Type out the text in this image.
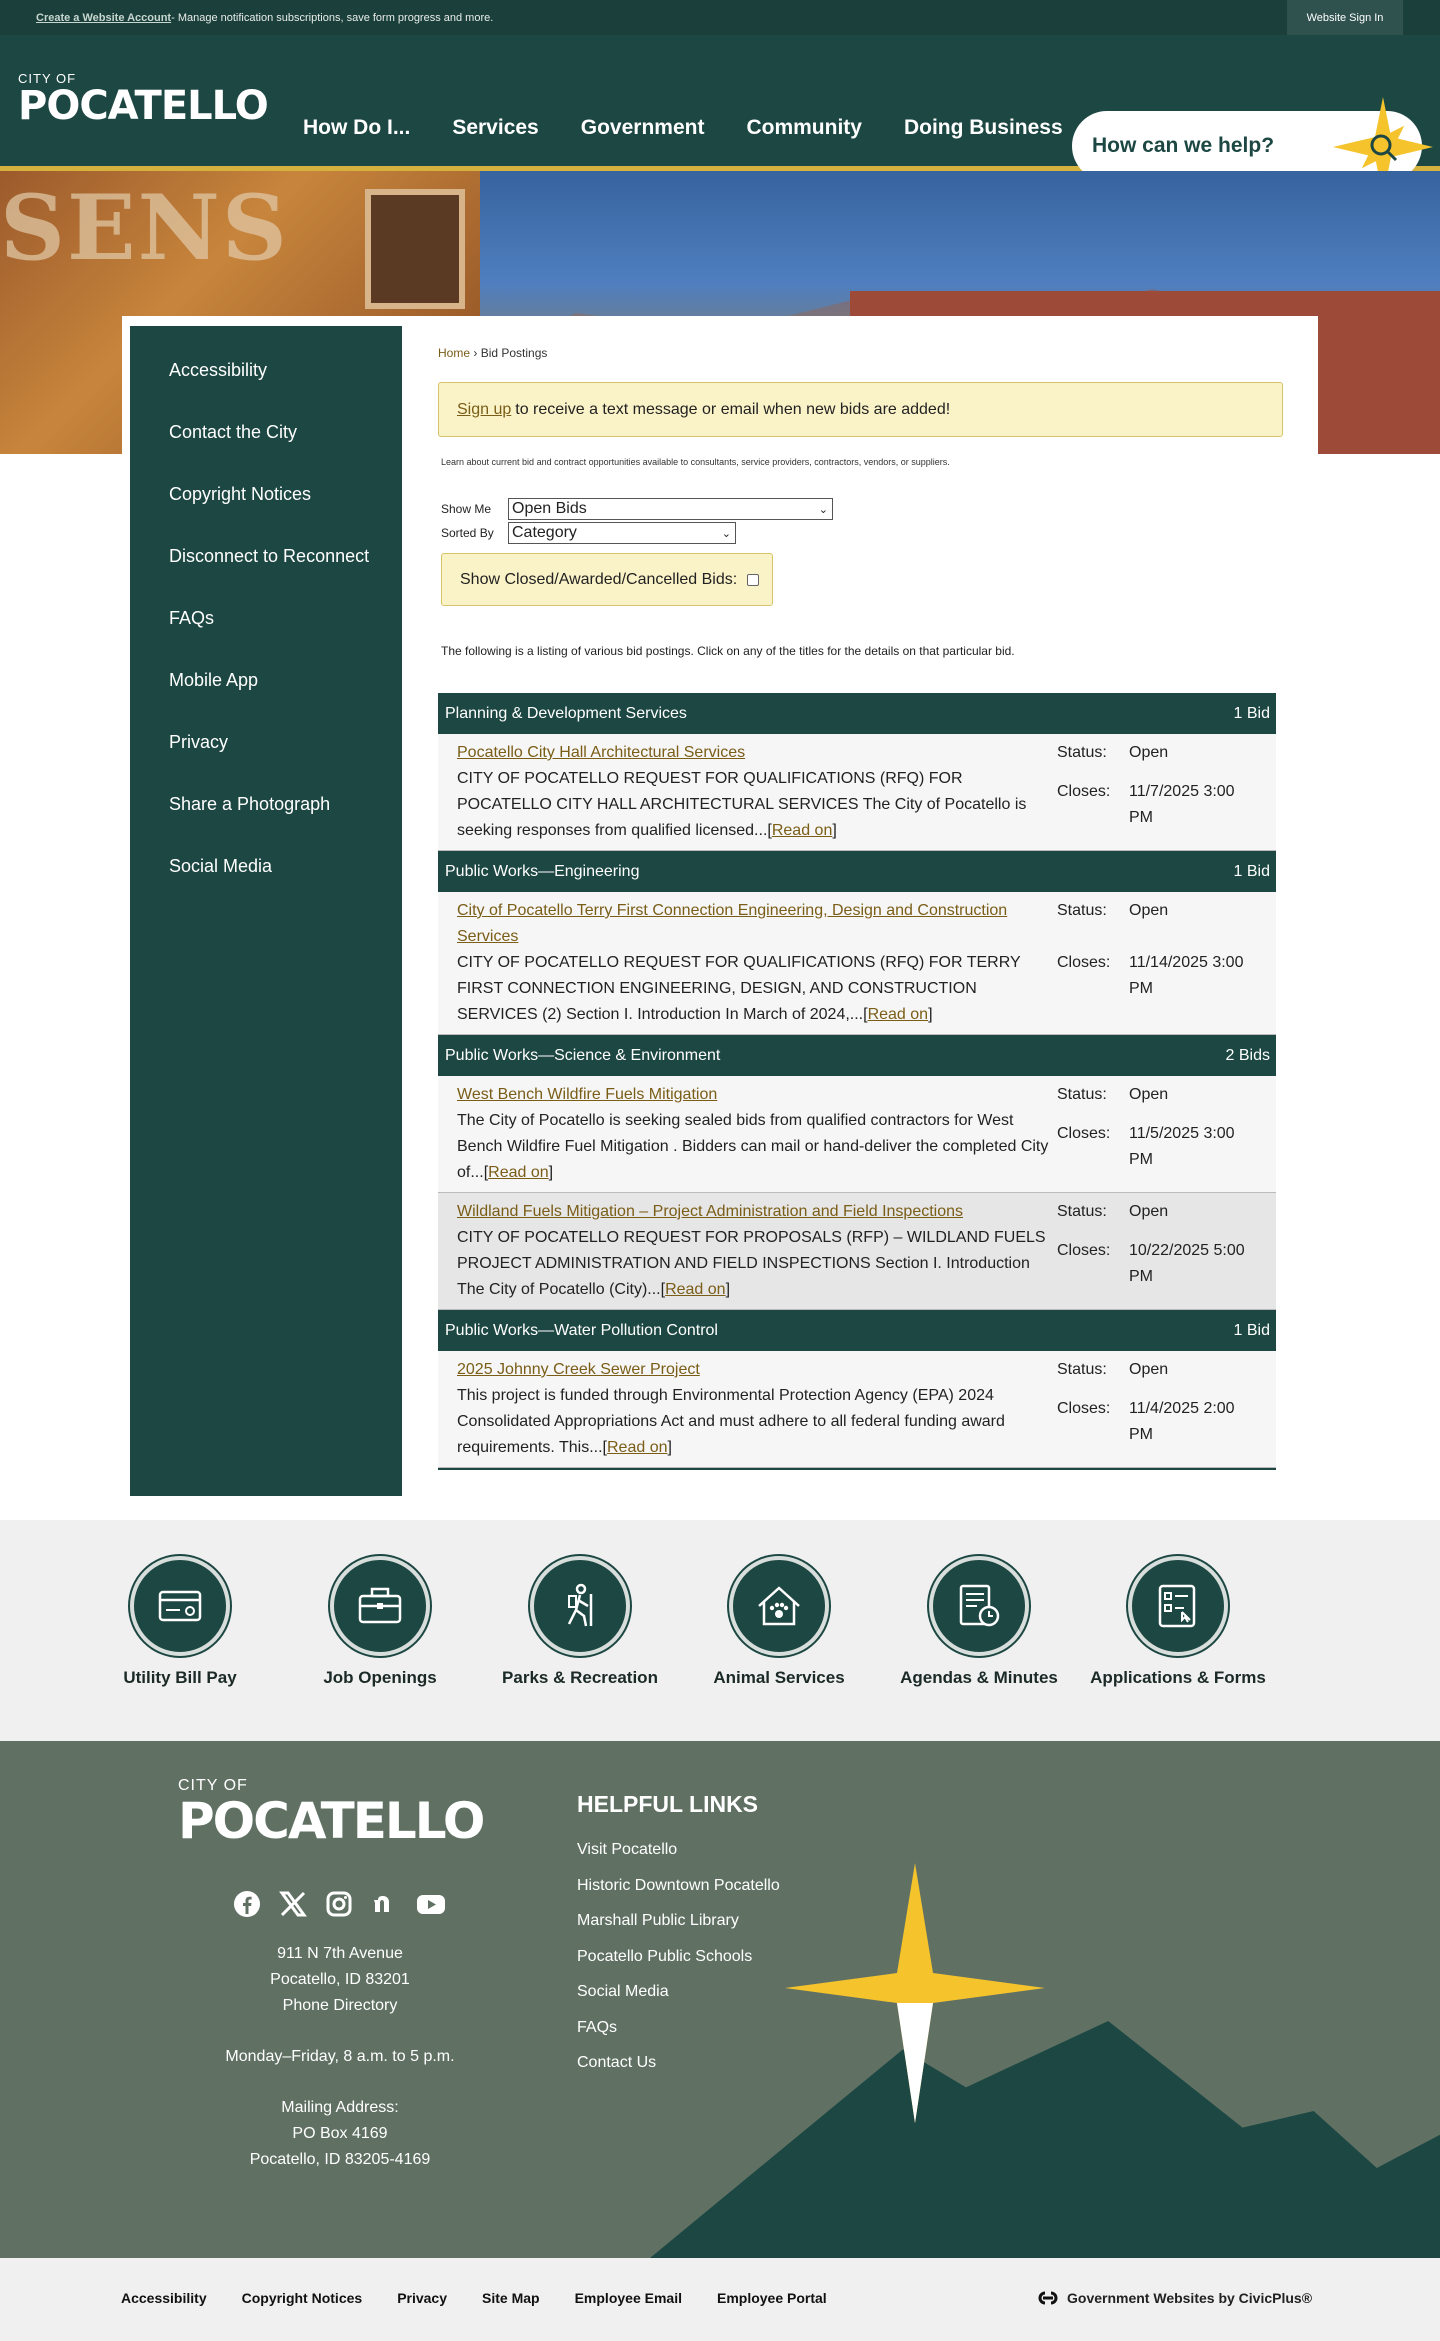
Create a Website Account - Manage notification subscriptions, save form progress and more.	Website Sign In
CITY OF
POCATELLO How Do I... Services Government Community Doing Business
How can we help?
SENS
Accessibility
Contact the City
Copyright Notices
Disconnect to Reconnect
FAQs
Mobile App
Privacy
Share a Photograph
Social Media
Home › Bid Postings
Sign up to receive a text message or email when new bids are added!
Learn about current bid and contract opportunities available to consultants, service providers, contractors, vendors, or suppliers.
Show Me	Open Bids	⌄
Sorted By	Category	⌄
Show Closed/Awarded/Cancelled Bids:
The following is a listing of various bid postings. Click on any of the titles for the details on that particular bid.
Planning & Development Services	1 Bid
Pocatello City Hall Architectural Services
CITY OF POCATELLO REQUEST FOR QUALIFICATIONS (RFQ) FOR POCATELLO CITY HALL ARCHITECTURAL SERVICES The City of Pocatello is seeking responses from qualified licensed...[Read on]
Status:	Open
Closes:	11/7/2025 3:00 PM
Public Works—Engineering	1 Bid
City of Pocatello Terry First Connection Engineering, Design and Construction Services
CITY OF POCATELLO REQUEST FOR QUALIFICATIONS (RFQ) FOR TERRY FIRST CONNECTION ENGINEERING, DESIGN, AND CONSTRUCTION SERVICES (2) Section I. Introduction In March of 2024,...[Read on]
Status:	Open
Closes:	11/14/2025 3:00 PM
Public Works—Science & Environment	2 Bids
West Bench Wildfire Fuels Mitigation
The City of Pocatello is seeking sealed bids from qualified contractors for West Bench Wildfire Fuel Mitigation . Bidders can mail or hand-deliver the completed City of...[Read on]
Status:	Open
Closes:	11/5/2025 3:00 PM
Wildland Fuels Mitigation – Project Administration and Field Inspections
CITY OF POCATELLO REQUEST FOR PROPOSALS (RFP) – WILDLAND FUELS PROJECT ADMINISTRATION AND FIELD INSPECTIONS Section I. Introduction The City of Pocatello (City)...[Read on]
Status:	Open
Closes:	10/22/2025 5:00 PM
Public Works—Water Pollution Control	1 Bid
2025 Johnny Creek Sewer Project
This project is funded through Environmental Protection Agency (EPA) 2024 Consolidated Appropriations Act and must adhere to all federal funding award requirements. This...[Read on]
Status:	Open
Closes:	11/4/2025 2:00 PM
Utility Bill Pay	Job Openings	Parks & Recreation	Animal Services	Agendas & Minutes	Applications & Forms
CITY OF
POCATELLO
911 N 7th Avenue
Pocatello, ID 83201
Phone Directory
Monday–Friday, 8 a.m. to 5 p.m.
Mailing Address:
PO Box 4169
Pocatello, ID 83205-4169
HELPFUL LINKS
Visit Pocatello
Historic Downtown Pocatello
Marshall Public Library
Pocatello Public Schools
Social Media
FAQs
Contact Us
Accessibility	Copyright Notices	Privacy	Site Map	Employee Email	Employee Portal	Government Websites by CivicPlus®
